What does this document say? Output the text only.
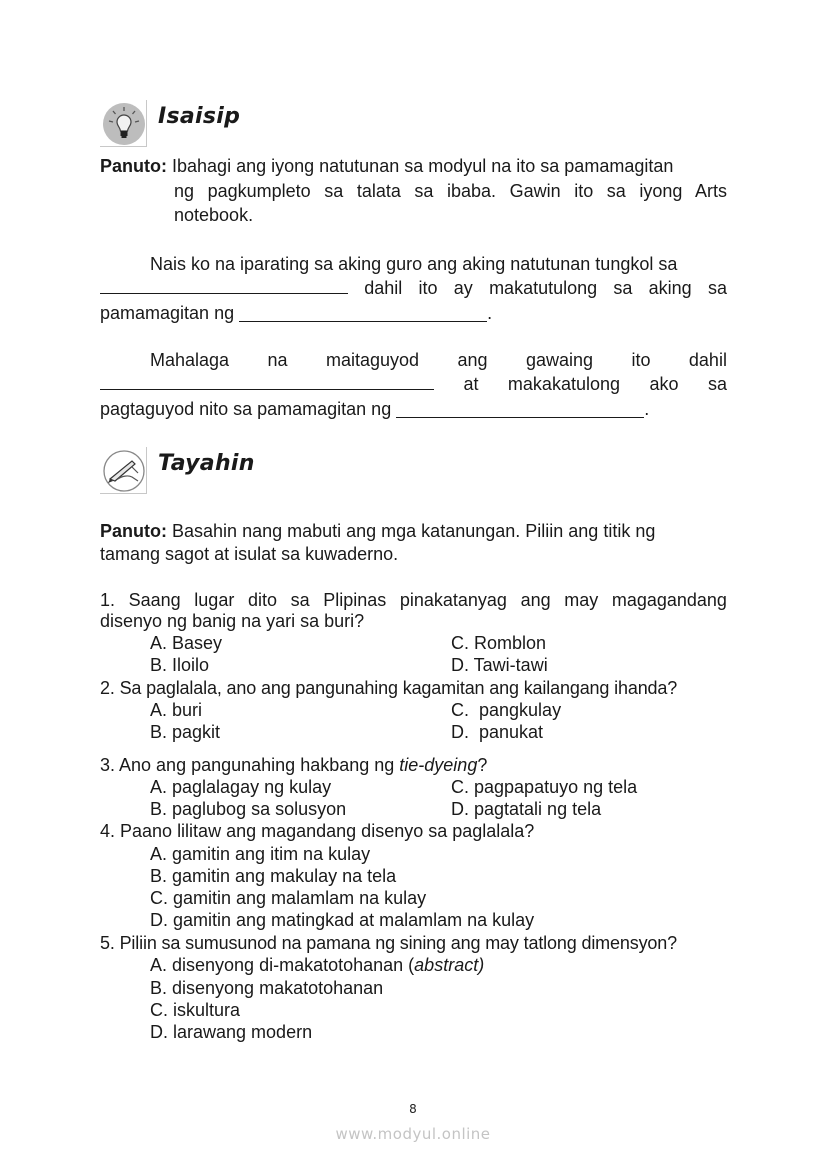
Isaisip
Panuto: Ibahagi ang iyong natutunan sa modyul na ito sa pamamagitan
ng pagkumpleto sa talata sa ibaba. Gawin ito sa iyong Arts
notebook.
Nais ko na iparating sa aking guro ang aking natutunan tungkol sa
dahil ito ay makatutulong sa aking sa
pamamagitan ng	.
Mahalaga na maitaguyod ang gawaing ito dahil
at makakatulong ako sa
pagtaguyod nito sa pamamagitan ng	.
Tayahin
Panuto: Basahin nang mabuti ang mga katanungan. Piliin ang titik ng
tamang sagot at isulat sa kuwaderno.
1. Saang lugar dito sa Plipinas pinakatanyag ang may magagandang
disenyo ng banig na yari sa buri?
A. Basey	C. Romblon
B. Iloilo	D. Tawi-tawi
2. Sa paglalala, ano ang pangunahing kagamitan ang kailangang ihanda?
A. buri	C.  pangkulay
B. pagkit	D.  panukat
3. Ano ang pangunahing hakbang ng tie-dyeing?
A. paglalagay ng kulay	C. pagpapatuyo ng tela
B. paglubog sa solusyon	D. pagtatali ng tela
4. Paano lilitaw ang magandang disenyo sa paglalala?
A. gamitin ang itim na kulay
B. gamitin ang makulay na tela
C. gamitin ang malamlam na kulay
D. gamitin ang matingkad at malamlam na kulay
5. Piliin sa sumusunod na pamana ng sining ang may tatlong dimensyon?
A. disenyong di-makatotohanan (abstract)
B. disenyong makatotohanan
C. iskultura
D. larawang modern
8
www.modyul.online
